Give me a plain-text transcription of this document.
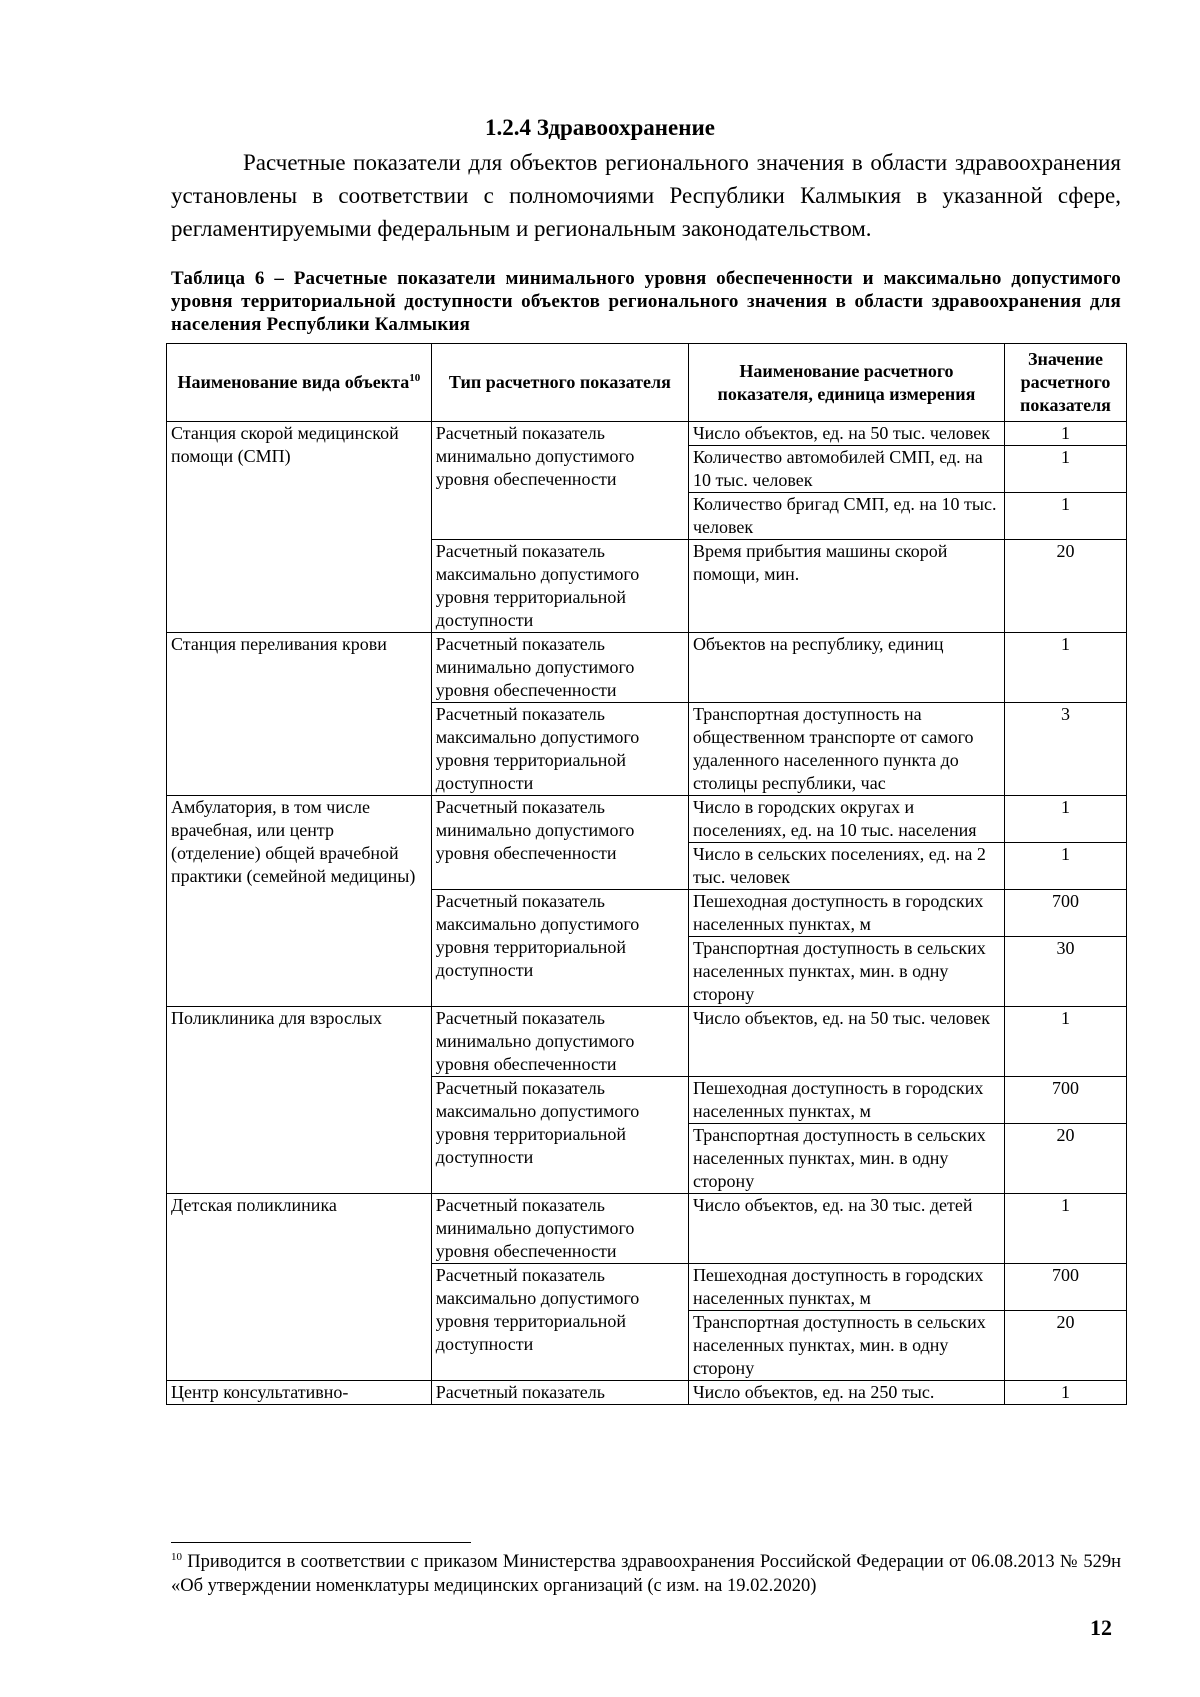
1.2.4 Здравоохранение
Расчетные показатели для объектов регионального значения в области здравоохранения установлены в соответствии с полномочиями Республики Калмыкия в указанной сфере, регламентируемыми федеральным и региональным законодательством.
Таблица 6 – Расчетные показатели минимального уровня обеспеченности и максимально допустимого уровня территориальной доступности объектов регионального значения в области здравоохранения для населения Республики Калмыкия
Наименование вида объекта$^{10}$	Тип расчетного показателя	Наименование расчетного показателя, единица измерения	Значение расчетного показателя
Станция скорой медицинской помощи (СМП)	Расчетный показатель минимально допустимого уровня обеспеченности	Число объектов, ед. на 50 тыс. человек	1
		Количество автомобилей СМП, ед. на 10 тыс. человек	1
		Количество бригад СМП, ед. на 10 тыс. человек	1
	Расчетный показатель максимально допустимого уровня территориальной доступности	Время прибытия машины скорой помощи, мин.	20
Станция переливания крови	Расчетный показатель минимально допустимого уровня обеспеченности	Объектов на республику, единиц	1
	Расчетный показатель максимально допустимого уровня территориальной доступности	Транспортная доступность на общественном транспорте от самого удаленного населенного пункта до столицы республики, час	3
Амбулатория, в том числе врачебная, или центр (отделение) общей врачебной практики (семейной медицины)	Расчетный показатель минимально допустимого уровня обеспеченности	Число в городских округах и поселениях, ед. на 10 тыс. населения	1
		Число в сельских поселениях, ед. на 2 тыс. человек	1
	Расчетный показатель максимально допустимого уровня территориальной доступности	Пешеходная доступность в городских населенных пунктах, м	700
		Транспортная доступность в сельских населенных пунктах, мин. в одну сторону	30
Поликлиника для взрослых	Расчетный показатель минимально допустимого уровня обеспеченности	Число объектов, ед. на 50 тыс. человек	1
	Расчетный показатель максимально допустимого уровня территориальной доступности	Пешеходная доступность в городских населенных пунктах, м	700
		Транспортная доступность в сельских населенных пунктах, мин. в одну сторону	20
Детская поликлиника	Расчетный показатель минимально допустимого уровня обеспеченности	Число объектов, ед. на 30 тыс. детей	1
	Расчетный показатель максимально допустимого уровня территориальной доступности	Пешеходная доступность в городских населенных пунктах, м	700
		Транспортная доступность в сельских населенных пунктах, мин. в одну сторону	20
Центр консультативно-	Расчетный показатель	Число объектов, ед. на 250 тыс.	1
$^{10}$ Приводится в соответствии с приказом Министерства здравоохранения Российской Федерации от 06.08.2013 № 529н «Об утверждении номенклатуры медицинских организаций (с изм. на 19.02.2020)
12
